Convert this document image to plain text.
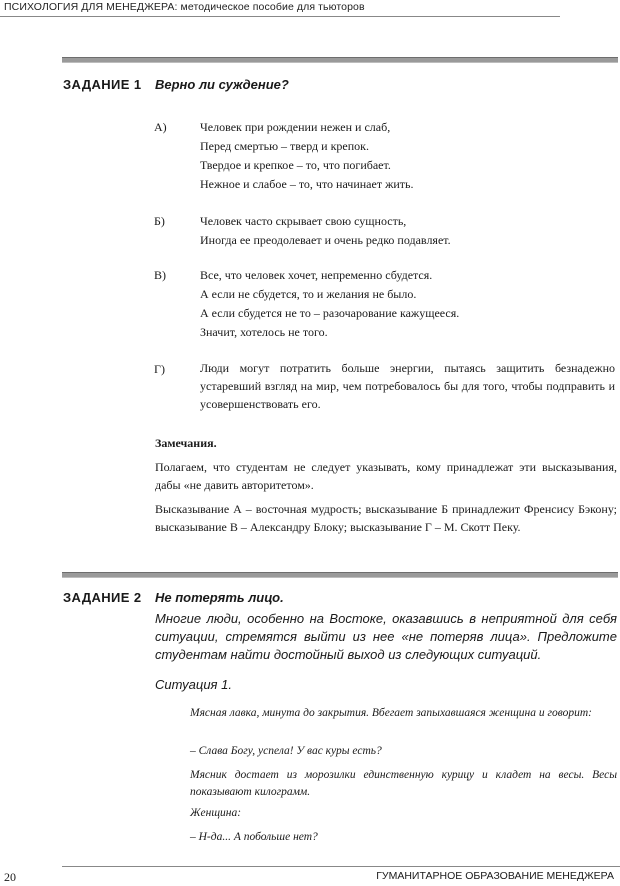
ПСИХОЛОГИЯ ДЛЯ МЕНЕДЖЕРА: методическое пособие для тьюторов
ЗАДАНИЕ 1 Верно ли суждение?
А)	Человек при рождении нежен и слаб,
Перед смертью – тверд и крепок.
Твердое и крепкое – то, что погибает.
Нежное и слабое – то, что начинает жить.
Б)	Человек часто скрывает свою сущность,
Иногда ее преодолевает и очень редко подавляет.
В)	Все, что человек хочет, непременно сбудется.
А если не сбудется, то и желания не было.
А если сбудется не то – разочарование кажущееся.
Значит, хотелось не того.
Г)	Люди могут потратить больше энергии, пытаясь защитить безнадежно устаревший взгляд на мир, чем потребовалось бы для того, чтобы подправить и усовершенствовать его.
Замечания.
Полагаем, что студентам не следует указывать, кому принадлежат эти высказывания, дабы «не давить авторитетом».
Высказывание А – восточная мудрость; высказывание Б принадлежит Френсису Бэкону; высказывание В – Александру Блоку; высказывание Г – М. Скотт Пеку.
ЗАДАНИЕ 2 Не потерять лицо.
Многие люди, особенно на Востоке, оказавшись в неприятной для себя ситуации, стремятся выйти из нее «не потеряв лица». Предложите студентам найти достойный выход из следующих ситуаций.
Ситуация 1.
Мясная лавка, минута до закрытия. Вбегает запыхавшаяся женщина и говорит:
– Слава Богу, успела! У вас куры есть?
Мясник достает из морозилки единственную курицу и кладет на весы. Весы показывают килограмм.
Женщина:
– Н-да... А побольше нет?
20	ГУМАНИТАРНОЕ ОБРАЗОВАНИЕ МЕНЕДЖЕРА
